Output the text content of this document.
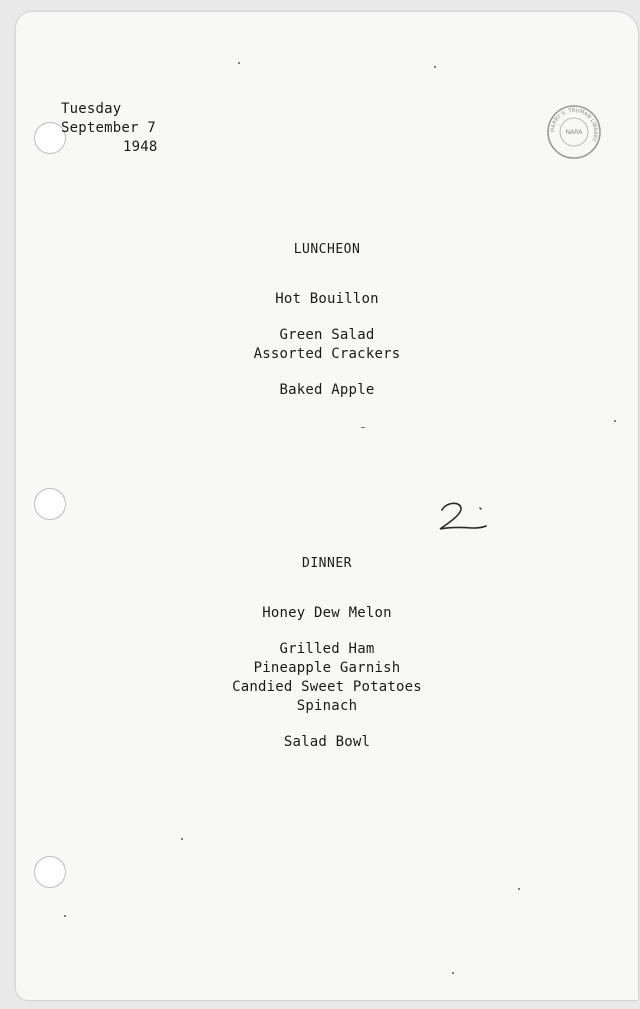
Tuesday
September 7
1948
HARRY S. TRUMAN LIBRARY
NARA
LUNCHEON
Hot Bouillon
Green Salad
Assorted Crackers
Baked Apple
DINNER
Honey Dew Melon
Grilled Ham
Pineapple Garnish
Candied Sweet Potatoes
Spinach
Salad Bowl
